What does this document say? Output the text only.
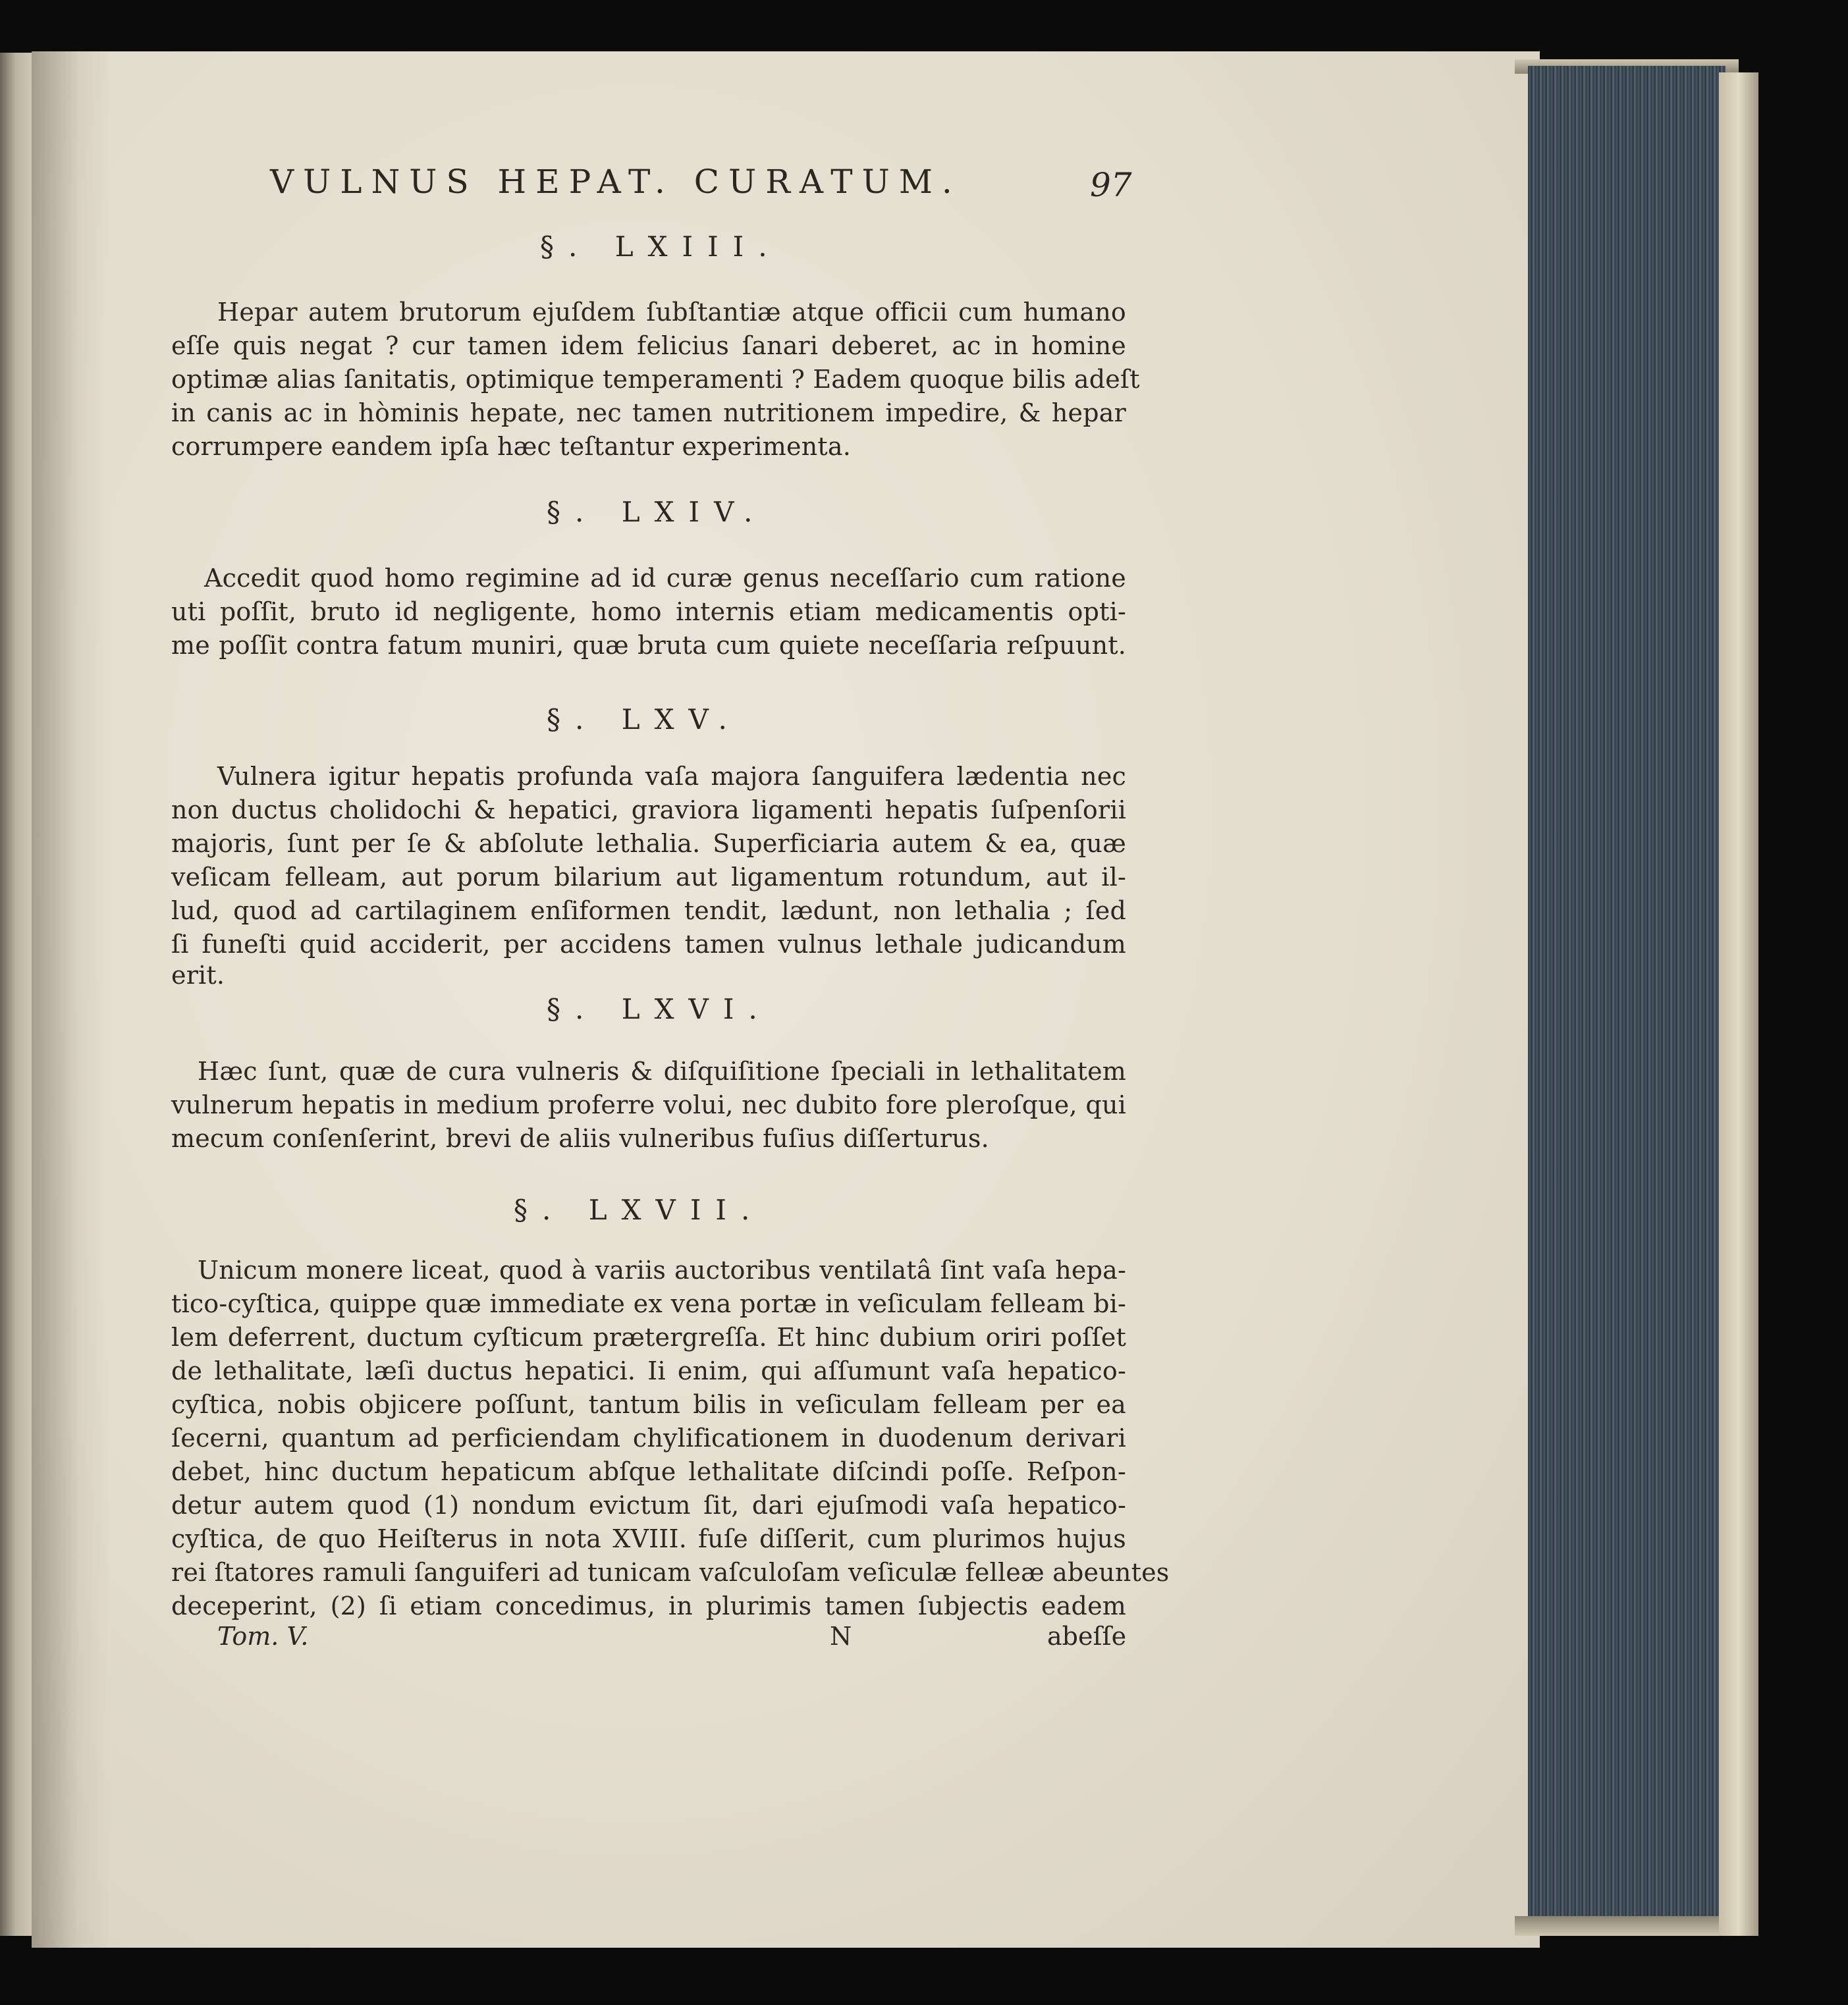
VULNUS HEPAT. CURATUM.	97
§. LXIII.
Hepar autem brutorum ejuſdem ſubſtantiæ atque officii cum humano
eſſe quis negat ? cur tamen idem felicius ſanari deberet, ac in homine
optimæ alias ſanitatis, optimique temperamenti ? Eadem quoque bilis adeſt
in canis ac in hòminis hepate, nec tamen nutritionem impedire, & hepar
corrumpere eandem ipſa hæc teſtantur experimenta.
§. LXIV.
Accedit quod homo regimine ad id curæ genus neceſſario cum ratione
uti poſſit, bruto id negligente, homo internis etiam medicamentis opti-
me poſſit contra fatum muniri, quæ bruta cum quiete neceſſaria reſpuunt.
§. LXV.
Vulnera igitur hepatis profunda vaſa majora ſanguifera lædentia nec
non ductus cholidochi & hepatici, graviora ligamenti hepatis ſuſpenſorii
majoris, ſunt per ſe & abſolute lethalia. Superficiaria autem & ea, quæ
veſicam felleam, aut porum bilarium aut ligamentum rotundum, aut il-
lud, quod ad cartilaginem enſiformen tendit, lædunt, non lethalia ; ſed
ſi funeſti quid acciderit, per accidens tamen vulnus lethale judicandum
erit.
§. LXVI.
Hæc ſunt, quæ de cura vulneris & diſquiſitione ſpeciali in lethalitatem
vulnerum hepatis in medium proferre volui, nec dubito fore pleroſque, qui
mecum conſenſerint, brevi de aliis vulneribus fuſius diſſerturus.
§. LXVII.
Unicum monere liceat, quod à variis auctoribus ventilatâ ſint vaſa hepa-
tico-cyſtica, quippe quæ immediate ex vena portæ in veſiculam felleam bi-
lem deferrent, ductum cyſticum prætergreſſa. Et hinc dubium oriri poſſet
de lethalitate, læſi ductus hepatici. Ii enim, qui aſſumunt vaſa hepatico-
cyſtica, nobis objicere poſſunt, tantum bilis in veſiculam felleam per ea
ſecerni, quantum ad perficiendam chylificationem in duodenum derivari
debet, hinc ductum hepaticum abſque lethalitate diſcindi poſſe. Reſpon-
detur autem quod (1) nondum evictum ſit, dari ejuſmodi vaſa hepatico-
cyſtica, de quo Heiſterus in nota XVIII. fuſe diſſerit, cum plurimos hujus
rei ſtatores ramuli ſanguiferi ad tunicam vaſculoſam veſiculæ felleæ abeuntes
deceperint, (2) ſi etiam concedimus, in plurimis tamen ſubjectis eadem
Tom. V.	N	abeſſe
